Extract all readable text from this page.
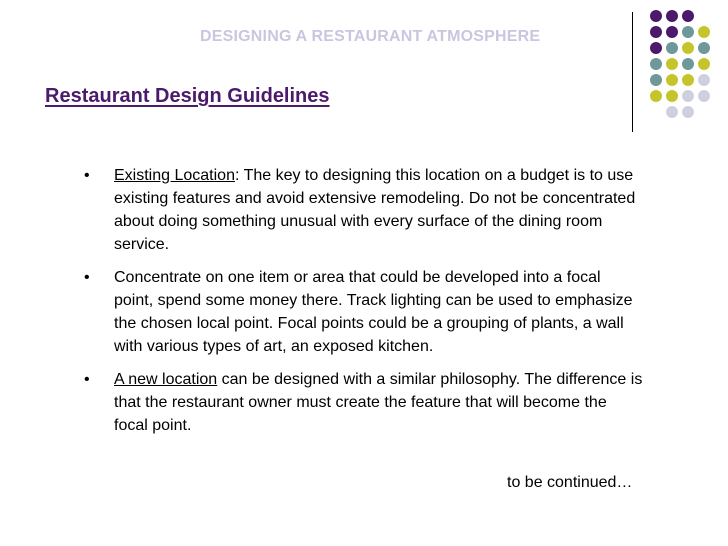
DESIGNING A RESTAURANT ATMOSPHERE
Restaurant Design Guidelines
• Existing Location: The key to designing this location on a budget is to use existing features and avoid extensive remodeling. Do not be concentrated about doing something unusual with every surface of the dining room service.
• Concentrate on one item or area that could be developed into a focal point, spend some money there. Track lighting can be used to emphasize the chosen local point. Focal points could be a grouping of plants, a wall with various types of art, an exposed kitchen.
• A new location can be designed with a similar philosophy. The difference is that the restaurant owner must create the feature that will become the focal point.
to be continued…
